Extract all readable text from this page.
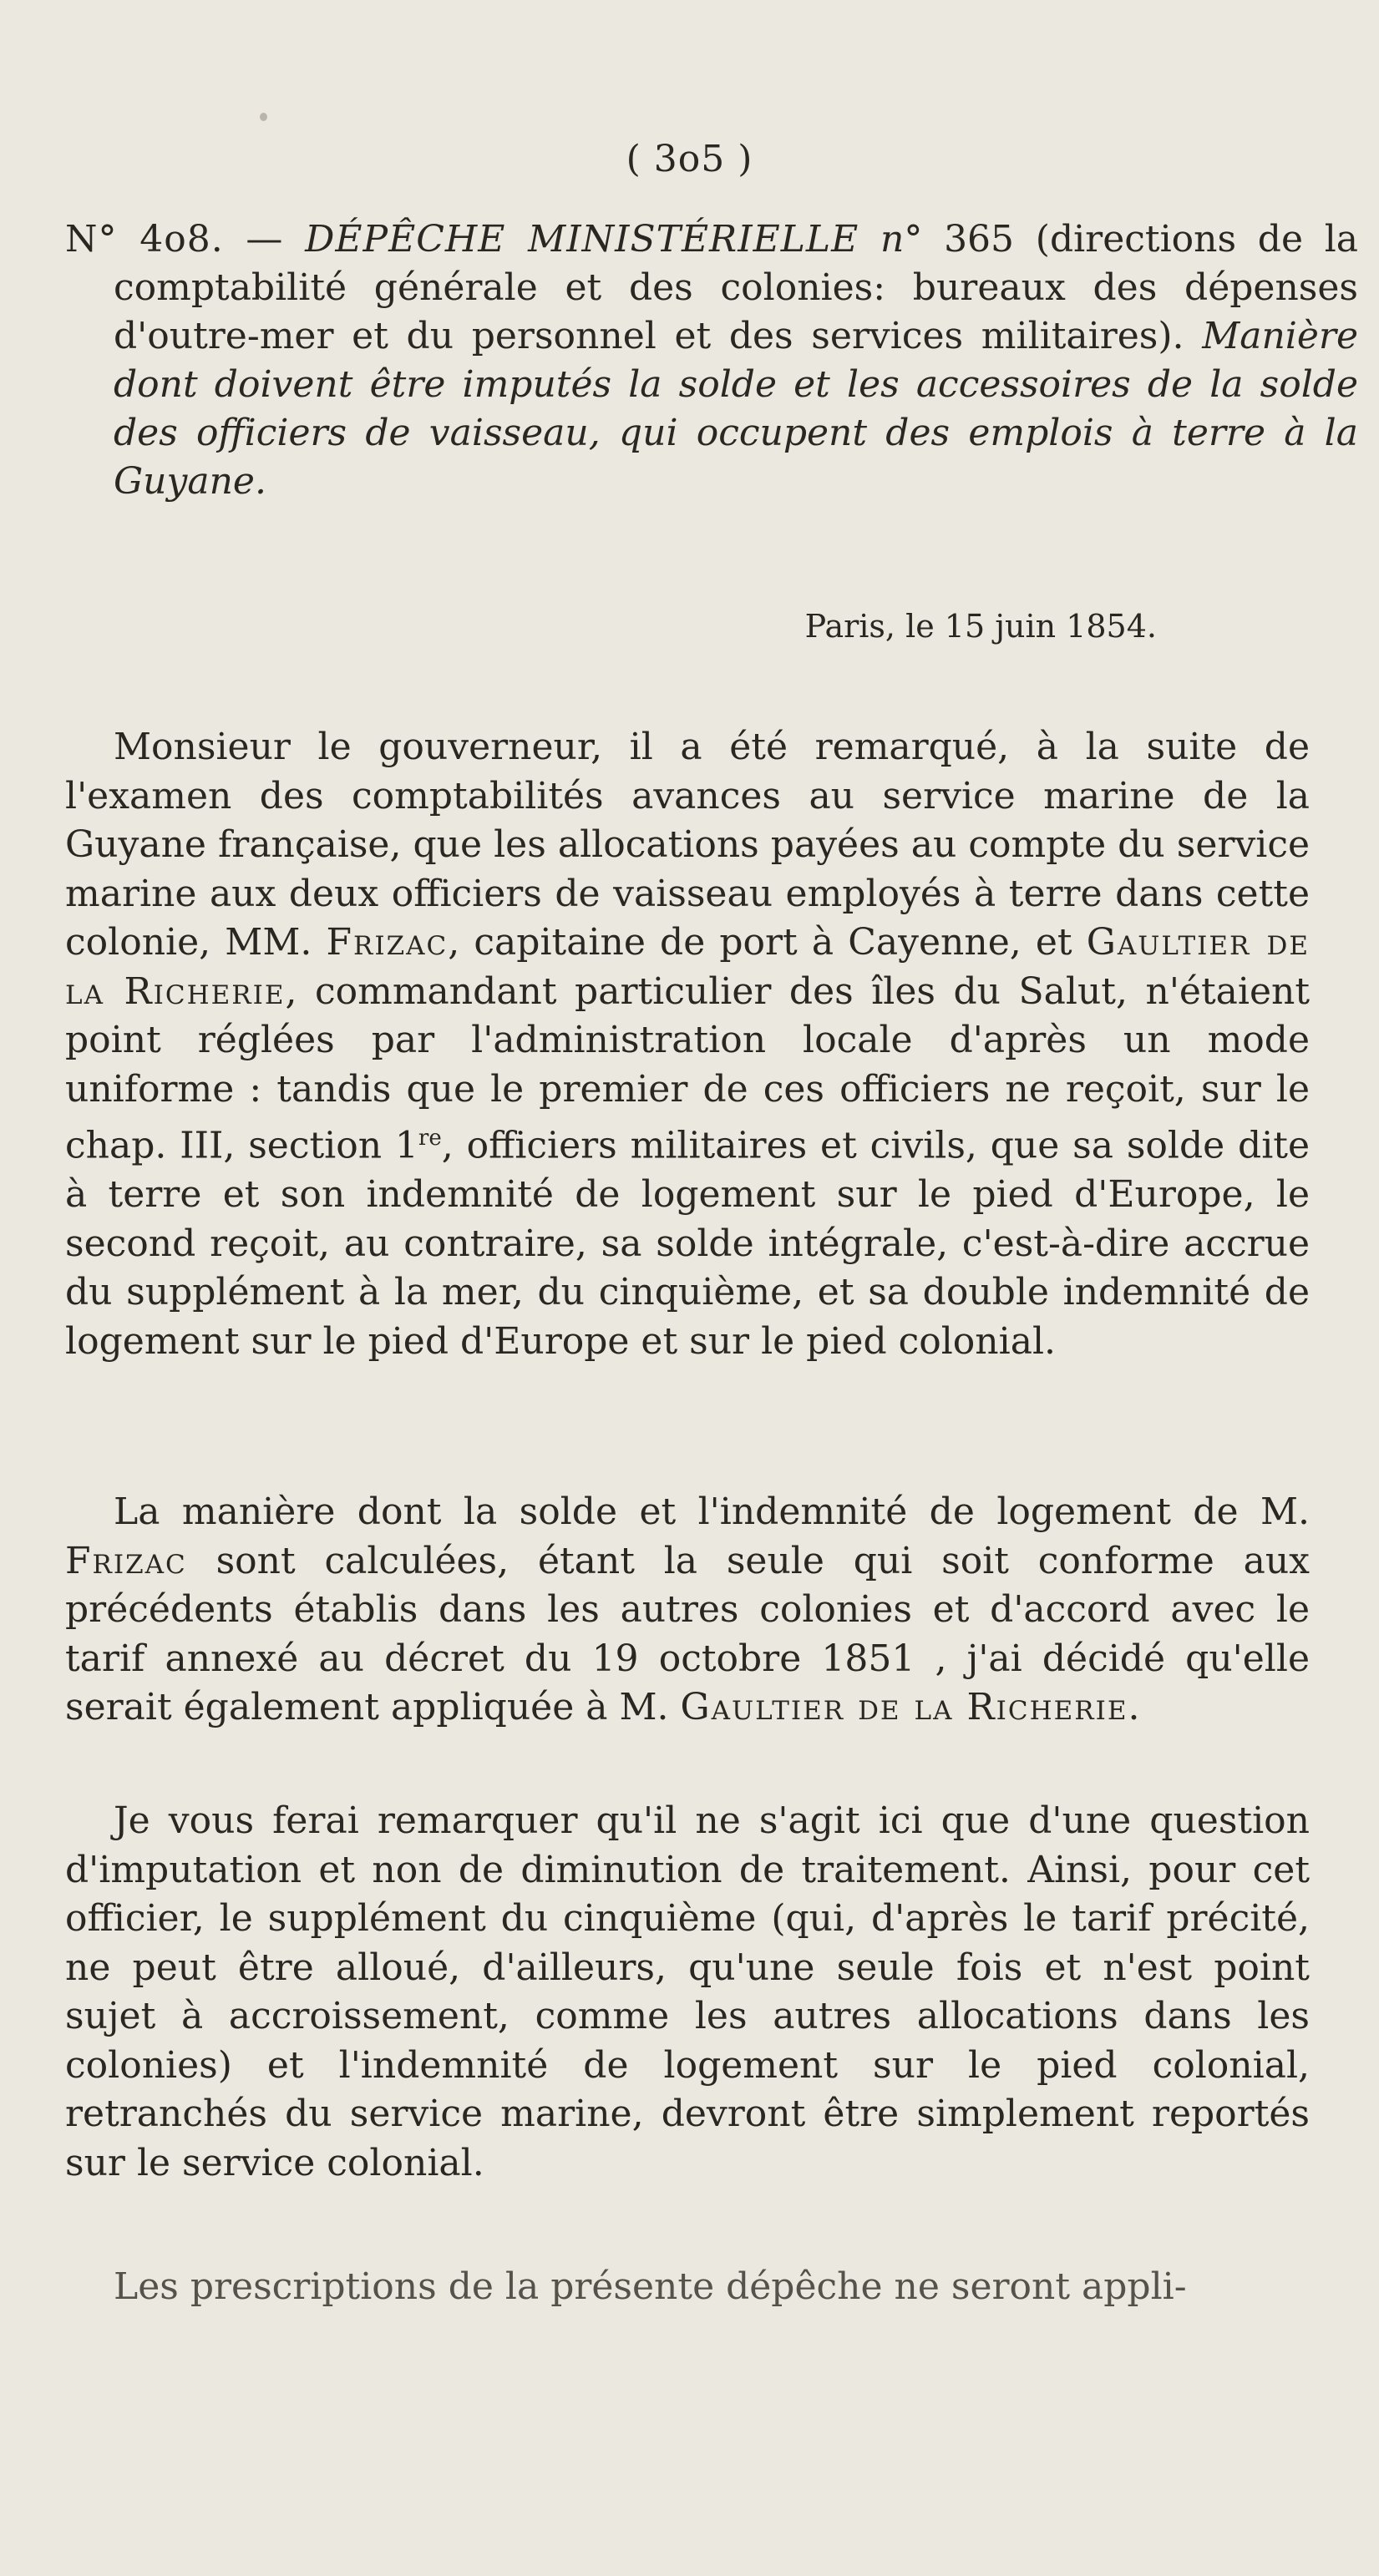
( 3o5 )
N° 4o8. — DÉPÊCHE MINISTÉRIELLE n° 365 (directions de la comptabilité générale et des colonies: bureaux des dépenses d'outre-mer et du personnel et des services militaires). Manière dont doivent être imputés la solde et les accessoires de la solde des officiers de vaisseau, qui occupent des emplois à terre à la Guyane.
Paris, le 15 juin 1854.

Monsieur le gouverneur, il a été remarqué, à la suite de l'examen des comptabilités avances au service marine de la Guyane française, que les allocations payées au compte du service marine aux deux officiers de vaisseau employés à terre dans cette colonie, MM. Frizac, capitaine de port à Cayenne, et Gaultier de la Richerie, commandant particulier des îles du Salut, n'étaient point réglées par l'administration locale d'après un mode uniforme : tandis que le premier de ces officiers ne reçoit, sur le chap. III, section 1re, officiers militaires et civils, que sa solde dite à terre et son indemnité de logement sur le pied d'Europe, le second reçoit, au contraire, sa solde intégrale, c'est-à-dire accrue du supplément à la mer, du cinquième, et sa double indemnité de logement sur le pied d'Europe et sur le pied colonial.

La manière dont la solde et l'indemnité de logement de M. Frizac sont calculées, étant la seule qui soit conforme aux précédents établis dans les autres colonies et d'accord avec le tarif annexé au décret du 19 octobre 1851 , j'ai décidé qu'elle serait également appliquée à M. Gaultier de la Richerie.

Je vous ferai remarquer qu'il ne s'agit ici que d'une question d'imputation et non de diminution de traitement. Ainsi, pour cet officier, le supplément du cinquième (qui, d'après le tarif précité, ne peut être alloué, d'ailleurs, qu'une seule fois et n'est point sujet à accroissement, comme les autres allocations dans les colonies) et l'indemnité de logement sur le pied colonial, retranchés du service marine, devront être simplement reportés sur le service colonial.

Les prescriptions de la présente dépêche ne seront appli-
